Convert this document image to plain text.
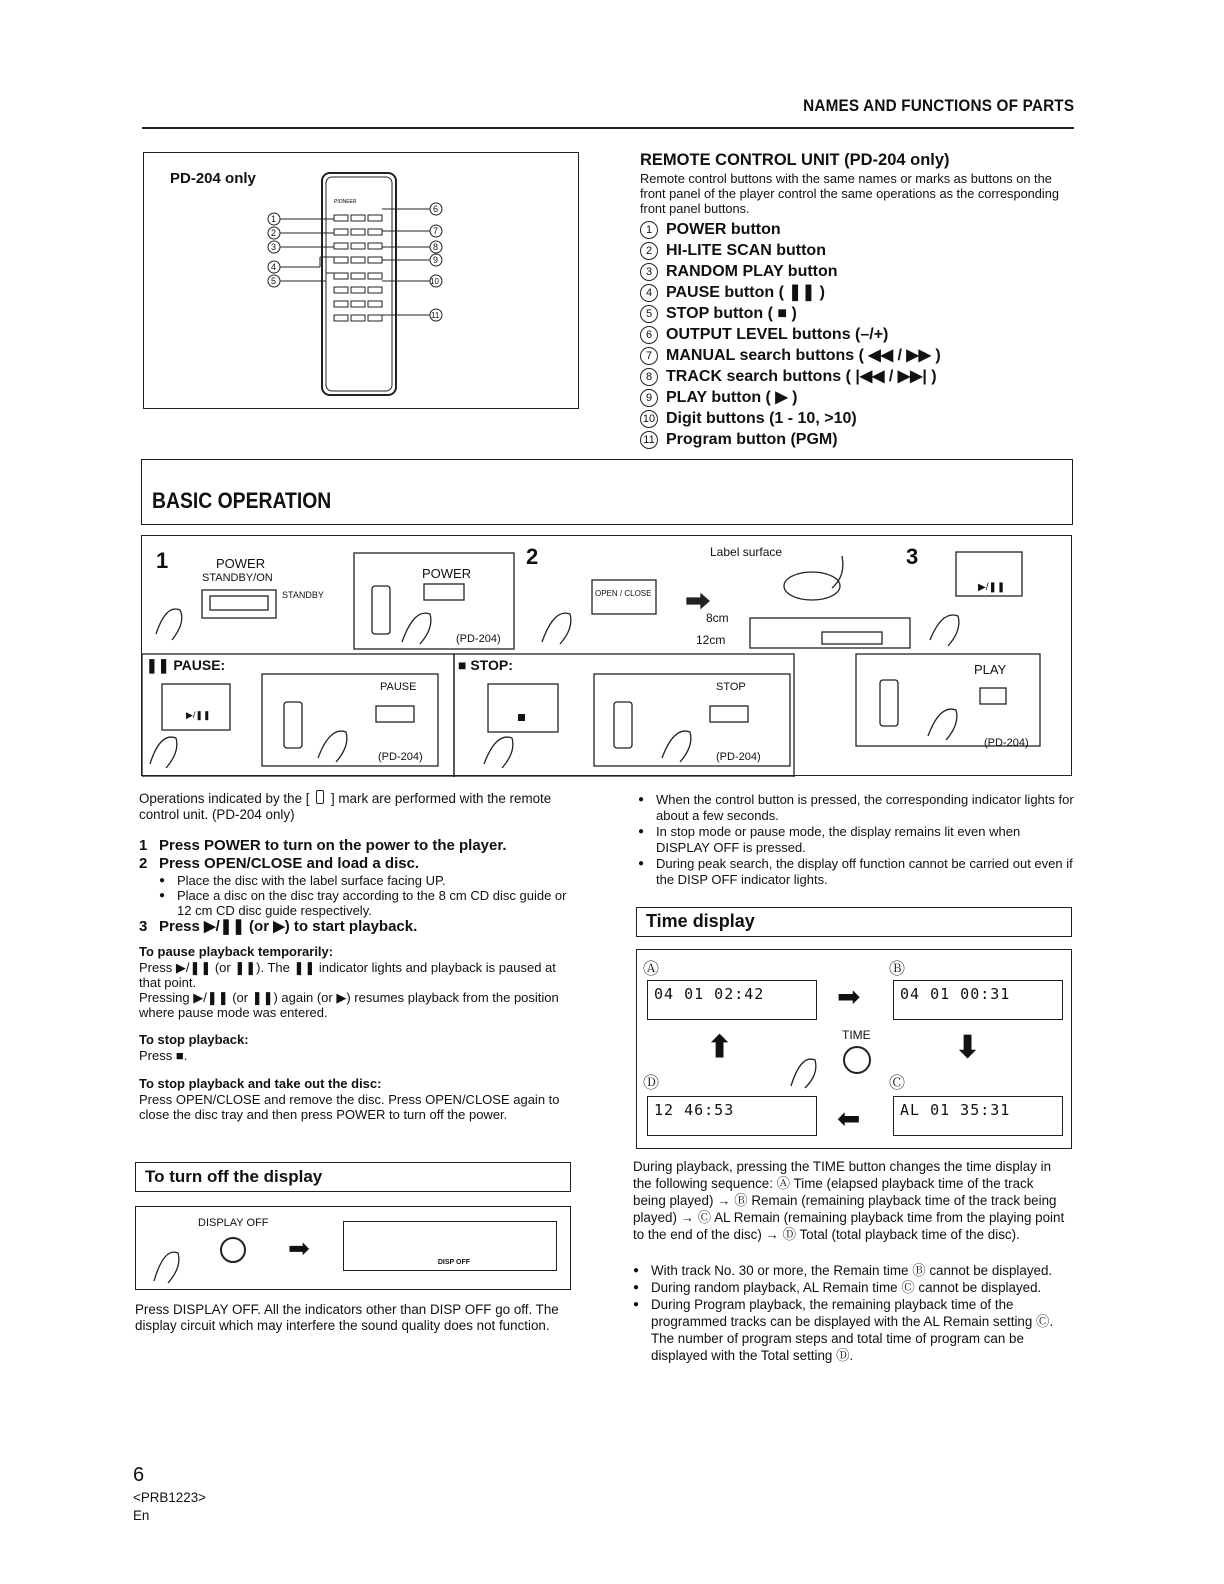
NAMES AND FUNCTIONS OF PARTS
PD-204 only
PIONEER
1
2
3
4
5
6
7
8
9
10
11
REMOTE CONTROL UNIT (PD-204 only)
Remote control buttons with the same names or marks as buttons on the front panel of the player control the same operations as the corresponding front panel buttons.
1 POWER button
2 HI-LITE SCAN button
3 RANDOM PLAY button
4 PAUSE button ( ❚❚ )
5 STOP button ( ■ )
6 OUTPUT LEVEL buttons (–/+)
7 MANUAL search buttons ( ◀◀ / ▶▶ )
8 TRACK search buttons ( |◀◀ / ▶▶| )
9 PLAY button ( ▶ )
10 Digit buttons (1 - 10, >10)
11 Program button (PGM)
BASIC OPERATION
1	2	3
POWER
STANDBY/ON
STANDBY
POWER
(PD-204)
OPEN / CLOSE
Label surface
8cm
12cm
▶/❚❚
❚❚ PAUSE:
▶/❚❚
PAUSE
(PD-204)
■ STOP:
STOP
(PD-204)
PLAY
(PD-204)
Operations indicated by the [ ] mark are performed with the remote control unit. (PD-204 only)
1 Press POWER to turn on the power to the player.
2 Press OPEN/CLOSE and load a disc.
● Place the disc with the label surface facing UP.
● Place a disc on the disc tray according to the 8 cm CD disc guide or 12 cm CD disc guide respectively.
3 Press ▶/❚❚ (or ▶) to start playback.
To pause playback temporarily:
Press ▶/❚❚ (or ❚❚). The ❚❚ indicator lights and playback is paused at that point.
Pressing ▶/❚❚ (or ❚❚) again (or ▶) resumes playback from the position where pause mode was entered.
To stop playback:
Press ■.
To stop playback and take out the disc:
Press OPEN/CLOSE and remove the disc. Press OPEN/CLOSE again to close the disc tray and then press POWER to turn off the power.
To turn off the display
DISPLAY OFF
➡	DISP OFF
Press DISPLAY OFF. All the indicators other than DISP OFF go off. The display circuit which may interfere the sound quality does not function.
● When the control button is pressed, the corresponding indicator lights for about a few seconds.
● In stop mode or pause mode, the display remains lit even when DISPLAY OFF is pressed.
● During peak search, the display off function cannot be carried out even if the DISP OFF indicator lights.
Time display
Ⓐ	Ⓑ
Ⓓ	Ⓒ
04 01 02:42	04 01 00:31
12 46:53	AL 01 35:31
➡
⬅
⬆	⬇
TIME
During playback, pressing the TIME button changes the time display in the following sequence: Ⓐ Time (elapsed playback time of the track being played) → Ⓑ Remain (remaining playback time of the track being played) → Ⓒ AL Remain (remaining playback time from the playing point to the end of the disc) → Ⓓ Total (total playback time of the disc).
● With track No. 30 or more, the Remain time Ⓑ cannot be displayed.
● During random playback, AL Remain time Ⓒ cannot be displayed.
● During Program playback, the remaining playback time of the programmed tracks can be displayed with the AL Remain setting Ⓒ. The number of program steps and total time of program can be displayed with the Total setting Ⓓ.
6
<PRB1223>
En
